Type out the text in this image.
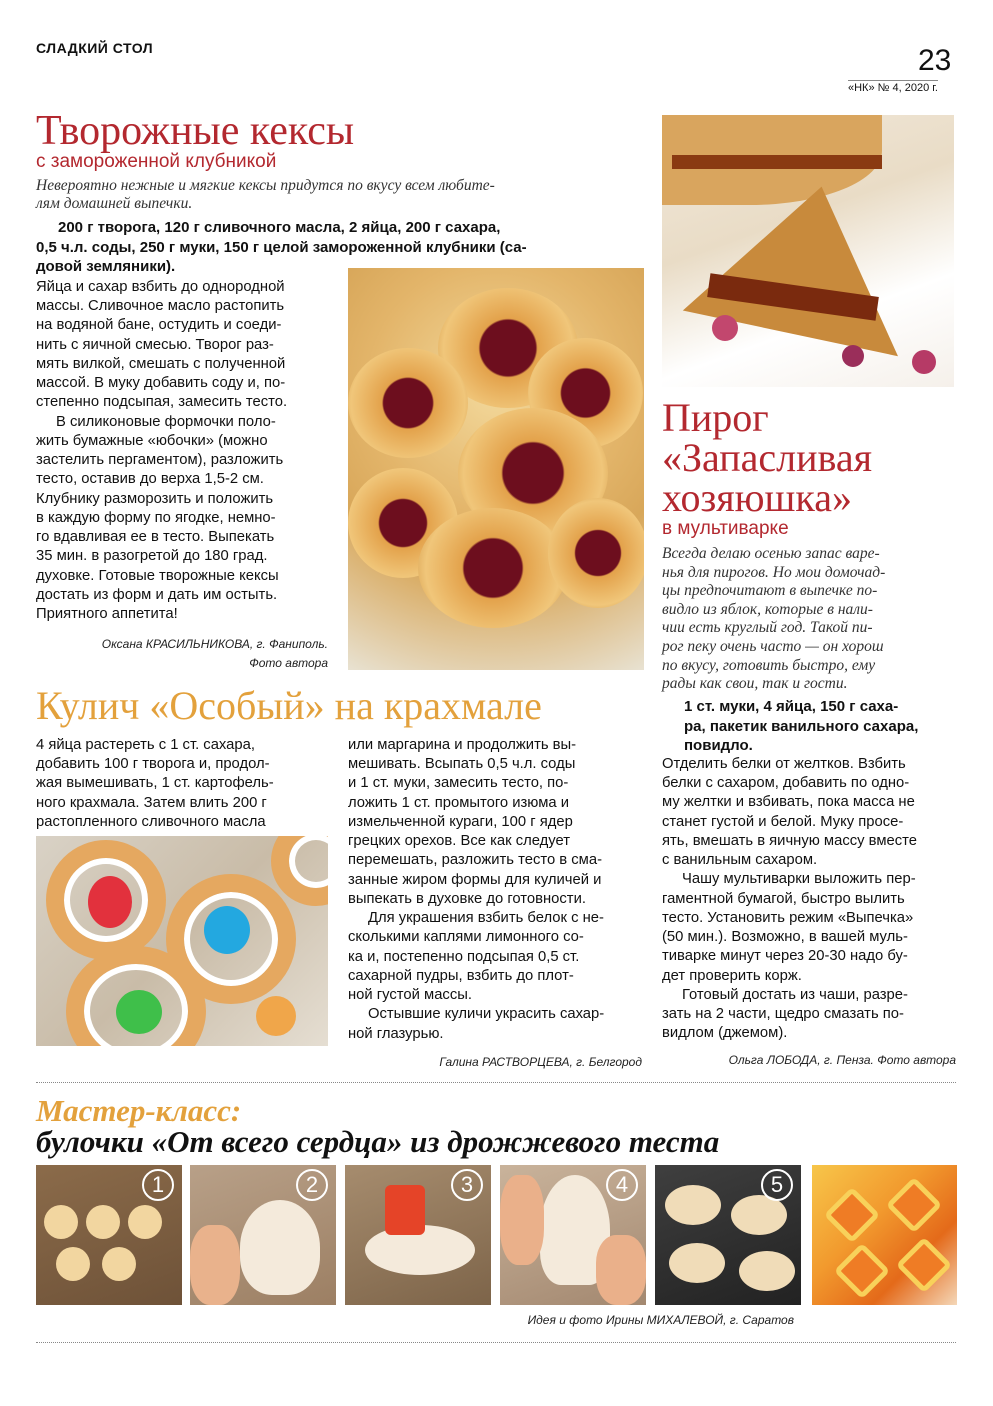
СЛАДКИЙ СТОЛ	23
«НК» № 4, 2020 г.
Творожные кексы
с замороженной клубникой
Невероятно нежные и мягкие кексы придутся по вкусу всем любите-
лям домашней выпечки.
200 г творога, 120 г сливочного масла, 2 яйца, 200 г сахара,
0,5 ч.л. соды, 250 г муки, 150 г целой замороженной клубники (са-
довой земляники).
Яйца и сахар взбить до однородной
массы. Сливочное масло растопить
на водяной бане, остудить и соеди-
нить с яичной смесью. Творог раз-
мять вилкой, смешать с полученной
массой. В муку добавить соду и, по-
степенно подсыпая, замесить тесто.
В силиконовые формочки поло-
жить бумажные «юбочки» (можно
застелить пергаментом), разложить
тесто, оставив до верха 1,5-2 см.
Клубнику разморозить и положить
в каждую форму по ягодке, немно-
го вдавливая ее в тесто. Выпекать
35 мин. в разогретой до 180 град.
духовке. Готовые творожные кексы
достать из форм и дать им остыть.
Приятного аппетита!
Оксана КРАСИЛЬНИКОВА, г. Фаниполь.
Фото автора
Пирог
«Запасливая
хозяюшка»
в мультиварке
Всегда делаю осенью запас варе-
нья для пирогов. Но мои домочад-
цы предпочитают в выпечке по-
видло из яблок, которые в нали-
чии есть круглый год. Такой пи-
рог пеку очень часто — он хорош
по вкусу, готовить быстро, ему
рады как свои, так и гости.
1 ст. муки, 4 яйца, 150 г саха-
ра, пакетик ванильного сахара,
повидло.
Отделить белки от желтков. Взбить
белки с сахаром, добавить по одно-
му желтки и взбивать, пока масса не
станет густой и белой. Муку просе-
ять, вмешать в яичную массу вместе
с ванильным сахаром.
Чашу мультиварки выложить пер-
гаментной бумагой, быстро вылить
тесто. Установить режим «Выпечка»
(50 мин.). Возможно, в вашей муль-
тиварке минут через 20-30 надо бу-
дет проверить корж.
Готовый достать из чаши, разре-
зать на 2 части, щедро смазать по-
видлом (джемом).
Ольга ЛОБОДА, г. Пенза. Фото автора
Кулич «Особый» на крахмале
4 яйца растереть с 1 ст. сахара,
добавить 100 г творога и, продол-
жая вымешивать, 1 ст. картофель-
ного крахмала. Затем влить 200 г
растопленного сливочного масла
или маргарина и продолжить вы-
мешивать. Всыпать 0,5 ч.л. соды
и 1 ст. муки, замесить тесто, по-
ложить 1 ст. промытого изюма и
измельченной кураги, 100 г ядер
грецких орехов. Все как следует
перемешать, разложить тесто в сма-
занные жиром формы для куличей и
выпекать в духовке до готовности.
Для украшения взбить белок с не-
сколькими каплями лимонного со-
ка и, постепенно подсыпая 0,5 ст.
сахарной пудры, взбить до плот-
ной густой массы.
Остывшие куличи украсить сахар-
ной глазурью.
Галина РАСТВОРЦЕВА, г. Белгород
Мастер-класс:
булочки «От всего сердца» из дрожжевого теста
1	2	3	4	5
Идея и фото Ирины МИХАЛЕВОЙ, г. Саратов
